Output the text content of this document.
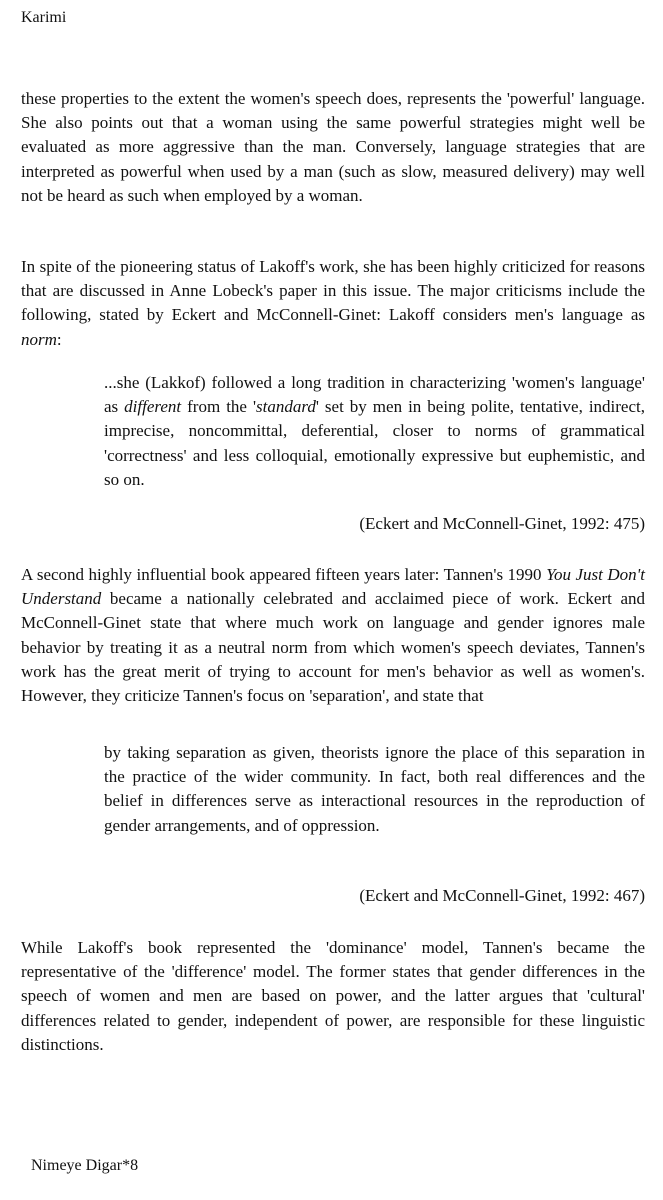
Karimi

these properties to the extent the women's speech does, represents the 'powerful' language. She also points out that a woman using the same powerful strategies might well be evaluated as more aggressive than the man. Conversely, language strategies that are interpreted as powerful when used by a man (such as slow, measured delivery) may well not be heard as such when employed by a woman.

In spite of the pioneering status of Lakoff's work, she has been highly criticized for reasons that are discussed in Anne Lobeck's paper in this issue. The major criticisms include the following, stated by Eckert and McConnell-Ginet: Lakoff considers men's language as norm:

...she (Lakkof) followed a long tradition in characterizing 'women's language' as different from the 'standard' set by men in being polite, tentative, indirect, imprecise, noncommittal, deferential, closer to norms of grammatical 'correctness' and less colloquial, emotionally expressive but euphemistic, and so on.

(Eckert and McConnell-Ginet, 1992: 475)

A second highly influential book appeared fifteen years later: Tannen's 1990 You Just Don't Understand became a nationally celebrated and acclaimed piece of work. Eckert and McConnell-Ginet state that where much work on language and gender ignores male behavior by treating it as a neutral norm from which women's speech deviates, Tannen's work has the great merit of trying to account for men's behavior as well as women's. However, they criticize Tannen's focus on 'separation', and state that

by taking separation as given, theorists ignore the place of this separation in the practice of the wider community. In fact, both real differences and the belief in differences serve as interactional resources in the reproduction of gender arrangements, and of oppression.

(Eckert and McConnell-Ginet, 1992: 467)

While Lakoff's book represented the 'dominance' model, Tannen's became the representative of the 'difference' model. The former states that gender differences in the speech of women and men are based on power, and the latter argues that 'cultural' differences related to gender, independent of power, are responsible for these linguistic distinctions.

Nimeye Digar*8
